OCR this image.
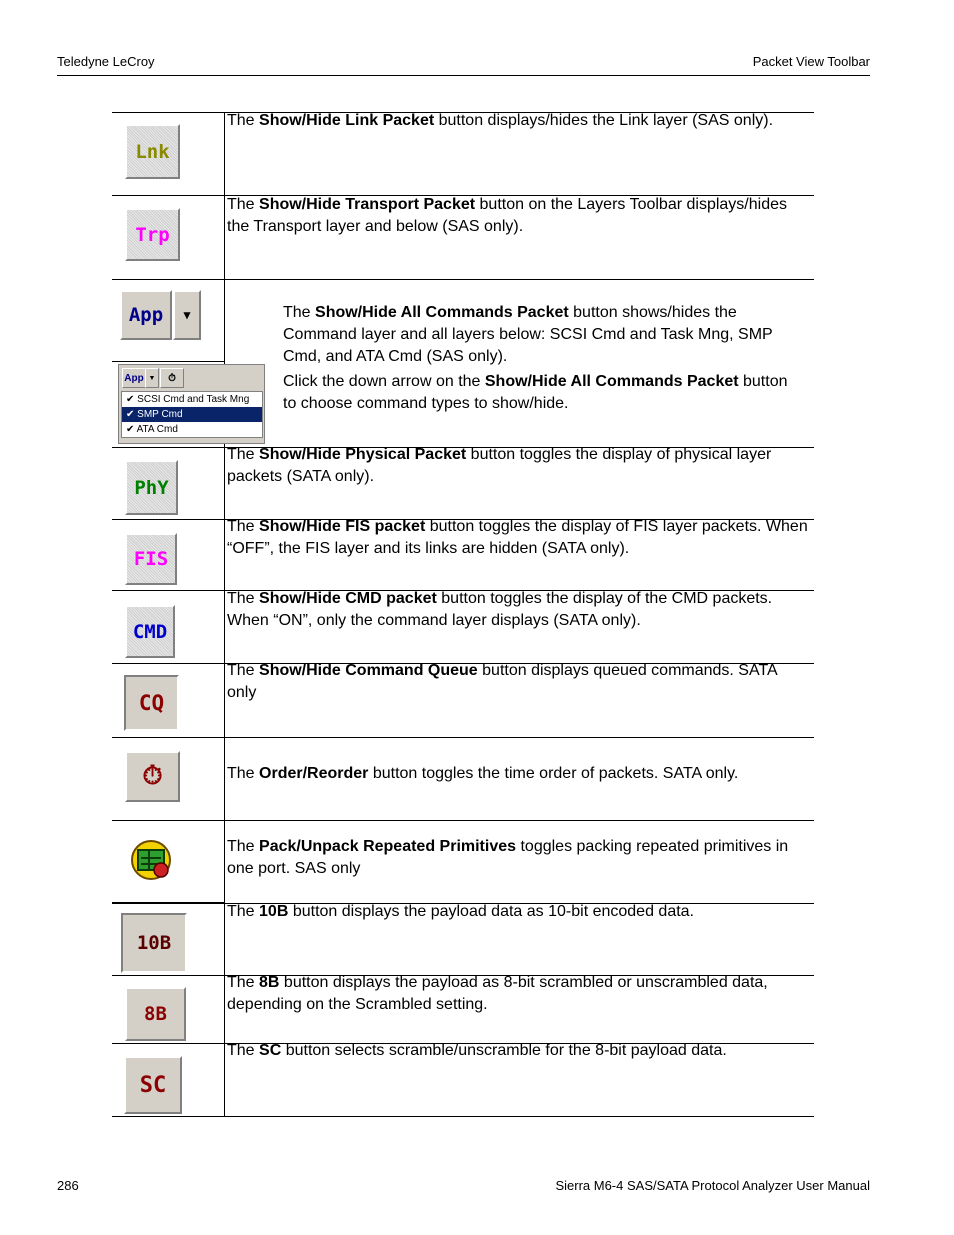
Teledyne LeCroy	Packet View Toolbar
The Show/Hide Link Packet button displays/hides the Link layer (SAS only).
The Show/Hide Transport Packet button on the Layers Toolbar displays/hides the Transport layer and below (SAS only).
The Show/Hide All Commands Packet button shows/hides the Command layer and all layers below: SCSI Cmd and Task Mng, SMP Cmd, and ATA Cmd (SAS only).
Click the down arrow on the Show/Hide All Commands Packet button to choose command types to show/hide.
The Show/Hide Physical Packet button toggles the display of physical layer packets (SATA only).
The Show/Hide FIS packet button toggles the display of FIS layer packets. When “OFF”, the FIS layer and its links are hidden (SATA only).
The Show/Hide CMD packet button toggles the display of the CMD packets. When “ON”, only the command layer displays (SATA only).
The Show/Hide Command Queue button displays queued commands. SATA only
The Order/Reorder button toggles the time order of packets. SATA only.
The Pack/Unpack Repeated Primitives toggles packing repeated primitives in one port. SAS only
The 10B button displays the payload data as 10-bit encoded data.
The 8B button displays the payload as 8-bit scrambled or unscrambled data, depending on the Scrambled setting.
The SC button selects scramble/unscramble for the 8-bit payload data.
Lnk
Trp
App ▼
App ▼ ⏱
✔ SCSI Cmd and Task Mng
✔ SMP Cmd
✔ ATA Cmd
PhY
FIS
CMD
CQ
⏱
10B
8B
SC
286	Sierra M6-4 SAS/SATA Protocol Analyzer User Manual
